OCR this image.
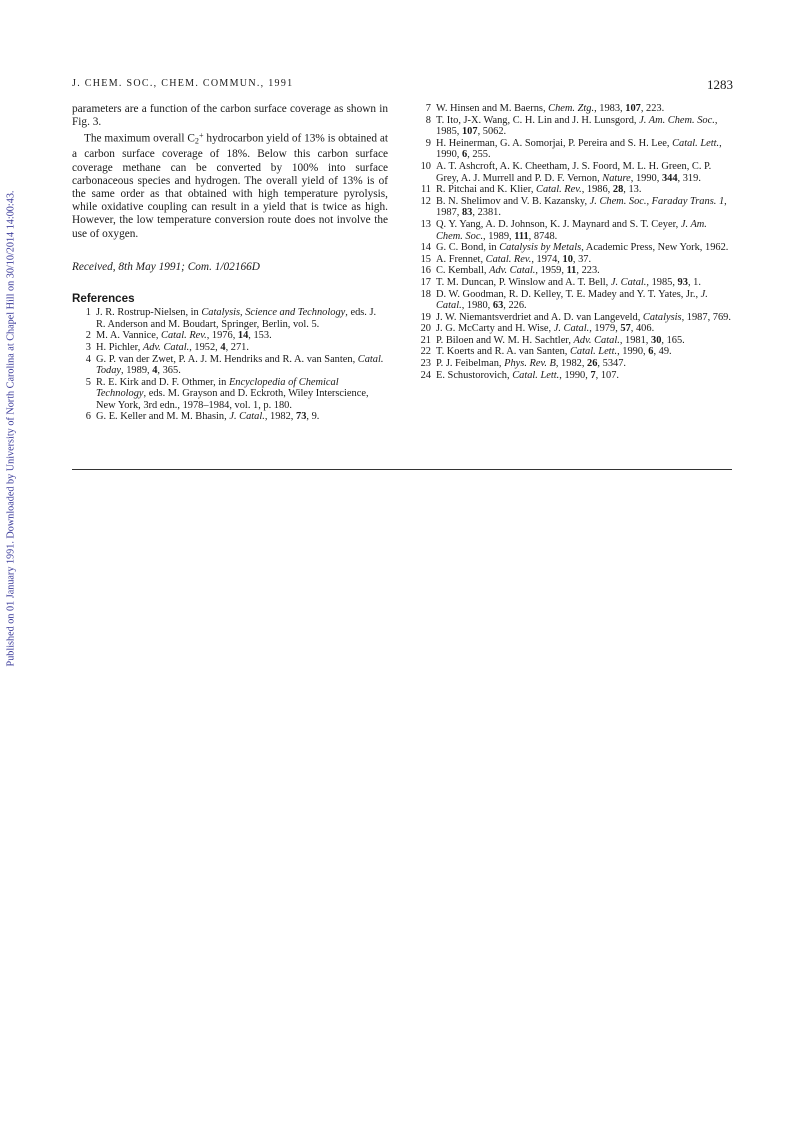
Published on 01 January 1991. Downloaded by University of North Carolina at Chapel Hill on 30/10/2014 14:00:43.
J. CHEM. SOC., CHEM. COMMUN., 1991	1283

parameters are a function of the carbon surface coverage as shown in Fig. 3.

The maximum overall $C_2^+$ hydrocarbon yield of 13% is obtained at a carbon surface coverage of 18%. Below this carbon surface coverage methane can be converted by 100% into surface carbonaceous species and hydrogen. The overall yield of 13% is of the same order as that obtained with high temperature pyrolysis, while oxidative coupling can result in a yield that is twice as high. However, the low temperature conversion route does not involve the use of oxygen.

Received, 8th May 1991; Com. 1/02166D

References
1 J. R. Rostrup-Nielsen, in Catalysis, Science and Technology, eds. J. R. Anderson and M. Boudart, Springer, Berlin, vol. 5.
2 M. A. Vannice, Catal. Rev., 1976, 14, 153.
3 H. Pichler, Adv. Catal., 1952, 4, 271.
4 G. P. van der Zwet, P. A. J. M. Hendriks and R. A. van Santen, Catal. Today, 1989, 4, 365.
5 R. E. Kirk and D. F. Othmer, in Encyclopedia of Chemical Technology, eds. M. Grayson and D. Eckroth, Wiley Interscience, New York, 3rd edn., 1978–1984, vol. 1, p. 180.
6 G. E. Keller and M. M. Bhasin, J. Catal., 1982, 73, 9.
7 W. Hinsen and M. Baerns, Chem. Ztg., 1983, 107, 223.
8 T. Ito, J-X. Wang, C. H. Lin and J. H. Lunsgord, J. Am. Chem. Soc., 1985, 107, 5062.
9 H. Heinerman, G. A. Somorjai, P. Pereira and S. H. Lee, Catal. Lett., 1990, 6, 255.
10 A. T. Ashcroft, A. K. Cheetham, J. S. Foord, M. L. H. Green, C. P. Grey, A. J. Murrell and P. D. F. Vernon, Nature, 1990, 344, 319.
11 R. Pitchai and K. Klier, Catal. Rev., 1986, 28, 13.
12 B. N. Shelimov and V. B. Kazansky, J. Chem. Soc., Faraday Trans. 1, 1987, 83, 2381.
13 Q. Y. Yang, A. D. Johnson, K. J. Maynard and S. T. Ceyer, J. Am. Chem. Soc., 1989, 111, 8748.
14 G. C. Bond, in Catalysis by Metals, Academic Press, New York, 1962.
15 A. Frennet, Catal. Rev., 1974, 10, 37.
16 C. Kemball, Adv. Catal., 1959, 11, 223.
17 T. M. Duncan, P. Winslow and A. T. Bell, J. Catal., 1985, 93, 1.
18 D. W. Goodman, R. D. Kelley, T. E. Madey and Y. T. Yates, Jr., J. Catal., 1980, 63, 226.
19 J. W. Niemantsverdriet and A. D. van Langeveld, Catalysis, 1987, 769.
20 J. G. McCarty and H. Wise, J. Catal., 1979, 57, 406.
21 P. Biloen and W. M. H. Sachtler, Adv. Catal., 1981, 30, 165.
22 T. Koerts and R. A. van Santen, Catal. Lett., 1990, 6, 49.
23 P. J. Feibelman, Phys. Rev. B, 1982, 26, 5347.
24 E. Schustorovich, Catal. Lett., 1990, 7, 107.
